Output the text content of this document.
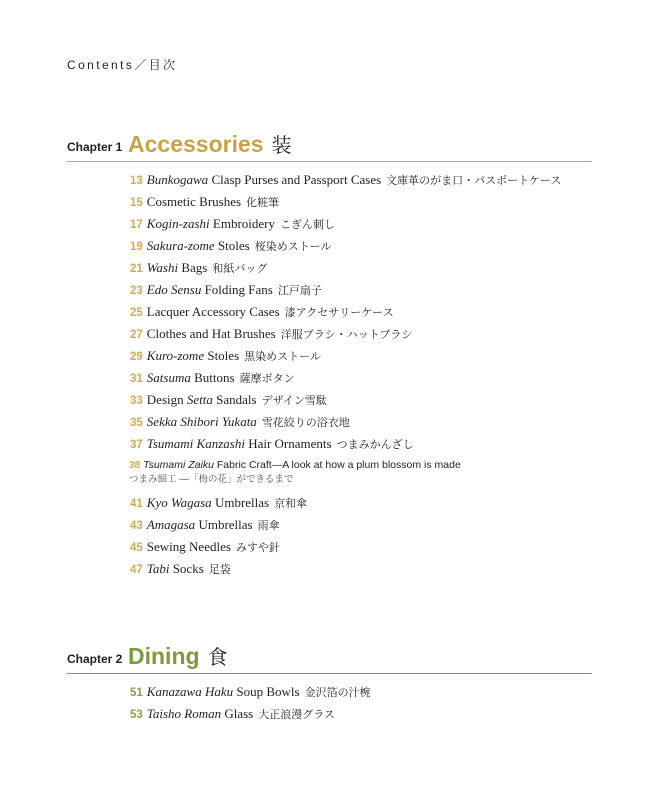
Contents／目次
Chapter 1 Accessories 装
13 Bunkogawa Clasp Purses and Passport Cases 文庫革のがま口・パスポートケース
15 Cosmetic Brushes 化粧筆
17 Kogin-zashi Embroidery こぎん刺し
19 Sakura-zome Stoles 桜染めストール
21 Washi Bags 和紙バッグ
23 Edo Sensu Folding Fans 江戸扇子
25 Lacquer Accessory Cases 漆アクセサリーケース
27 Clothes and Hat Brushes 洋服ブラシ・ハットブラシ
29 Kuro-zome Stoles 黒染めストール
31 Satsuma Buttons 薩摩ボタン
33 Design Setta Sandals デザイン雪駄
35 Sekka Shibori Yukata 雪花絞りの浴衣地
37 Tsumami Kanzashi Hair Ornaments つまみかんざし
38 Tsumami Zaiku Fabric Craft—A look at how a plum blossom is made
つまみ細工 ―「梅の花」ができるまで
41 Kyo Wagasa Umbrellas 京和傘
43 Amagasa Umbrellas 雨傘
45 Sewing Needles みすや針
47 Tabi Socks 足袋
Chapter 2 Dining 食
51 Kanazawa Haku Soup Bowls 金沢箔の汁椀
53 Taisho Roman Glass 大正浪漫グラス
